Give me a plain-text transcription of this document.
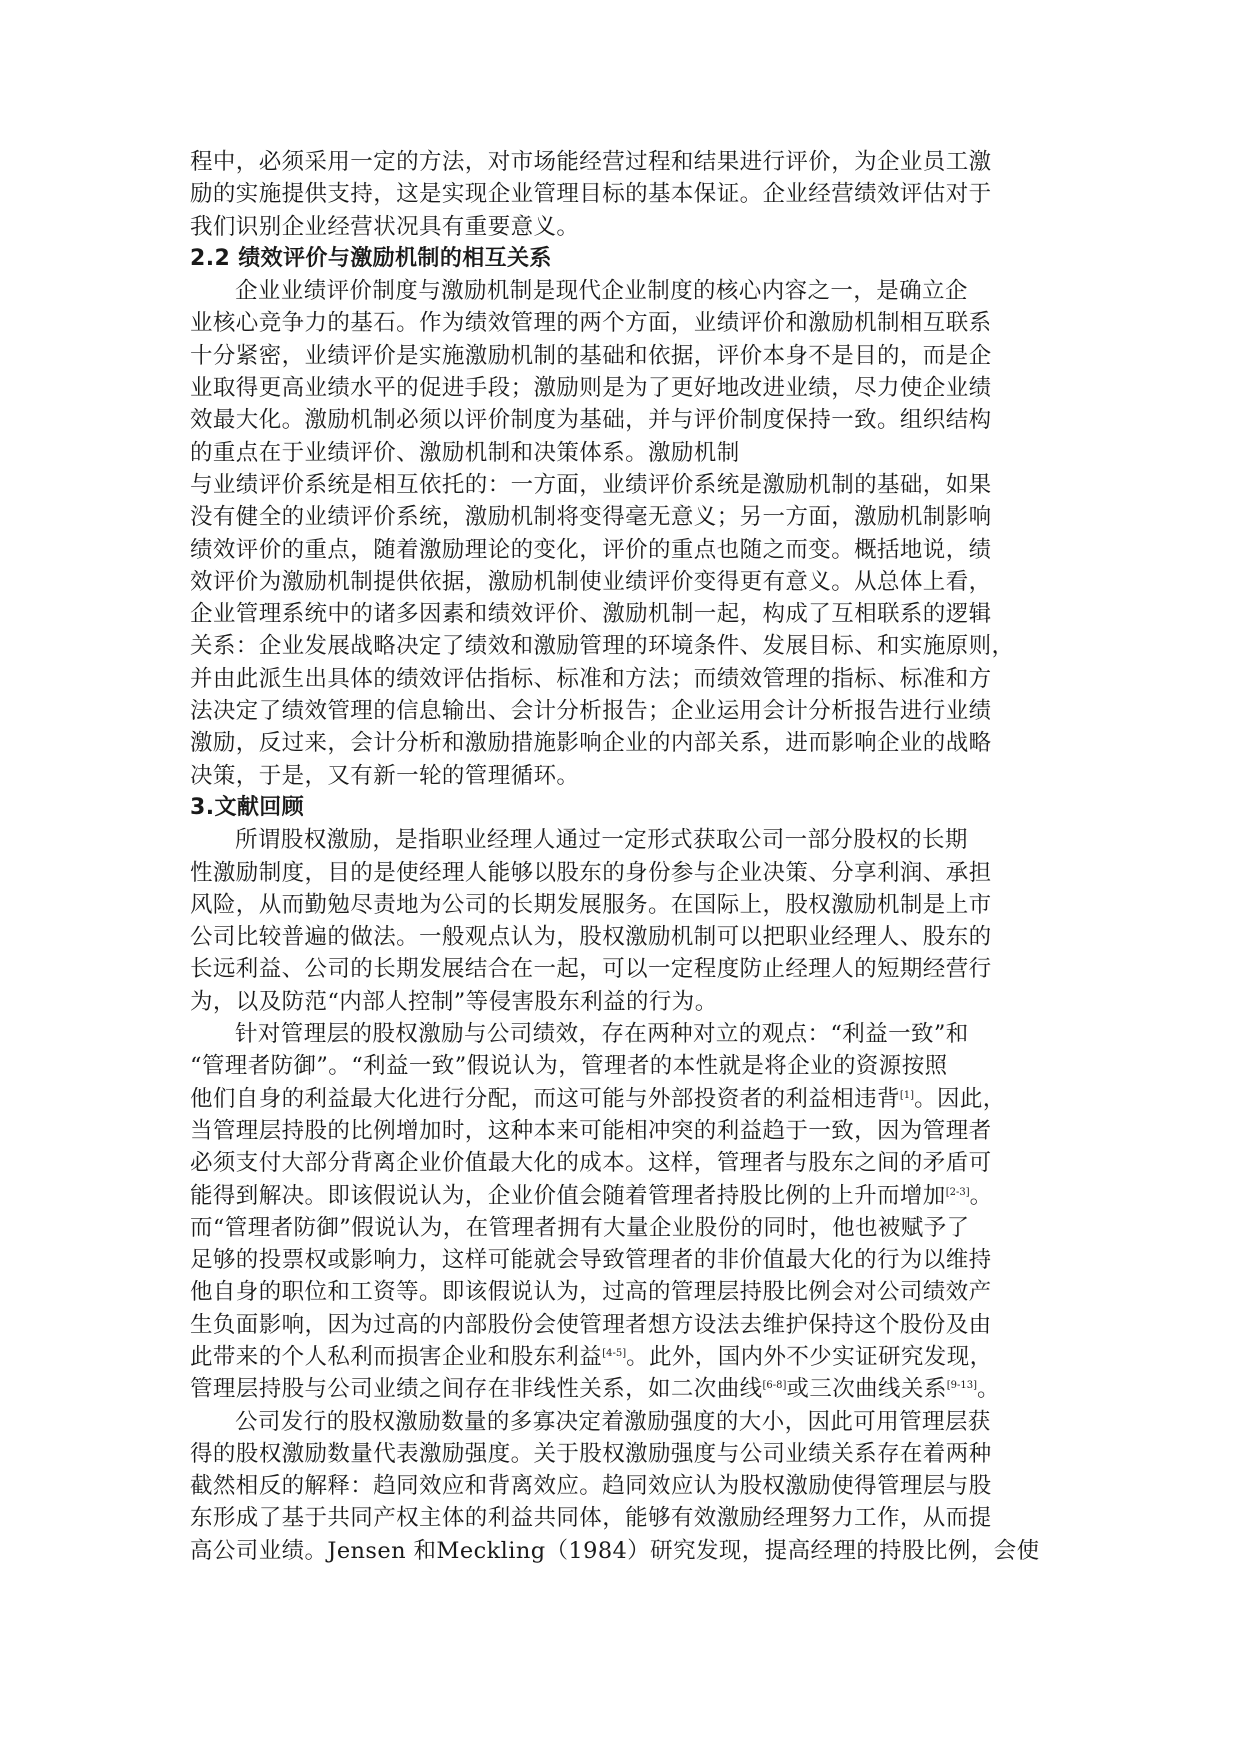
程中，必须采用一定的方法，对市场能经营过程和结果进行评价，为企业员工激
励的实施提供支持，这是实现企业管理目标的基本保证。企业经营绩效评估对于
我们识别企业经营状况具有重要意义。
2.2 绩效评价与激励机制的相互关系
企业业绩评价制度与激励机制是现代企业制度的核心内容之一，是确立企
业核心竞争力的基石。作为绩效管理的两个方面，业绩评价和激励机制相互联系
十分紧密，业绩评价是实施激励机制的基础和依据，评价本身不是目的，而是企
业取得更高业绩水平的促进手段；激励则是为了更好地改进业绩，尽力使企业绩
效最大化。激励机制必须以评价制度为基础，并与评价制度保持一致。组织结构
的重点在于业绩评价、激励机制和决策体系。激励机制
与业绩评价系统是相互依托的：一方面，业绩评价系统是激励机制的基础，如果
没有健全的业绩评价系统，激励机制将变得毫无意义；另一方面，激励机制影响
绩效评价的重点，随着激励理论的变化，评价的重点也随之而变。概括地说，绩
效评价为激励机制提供依据，激励机制使业绩评价变得更有意义。从总体上看，
企业管理系统中的诸多因素和绩效评价、激励机制一起，构成了互相联系的逻辑
关系：企业发展战略决定了绩效和激励管理的环境条件、发展目标、和实施原则，
并由此派生出具体的绩效评估指标、标准和方法；而绩效管理的指标、标准和方
法决定了绩效管理的信息输出、会计分析报告；企业运用会计分析报告进行业绩
激励，反过来，会计分析和激励措施影响企业的内部关系，进而影响企业的战略
决策，于是，又有新一轮的管理循环。
3.文献回顾
所谓股权激励，是指职业经理人通过一定形式获取公司一部分股权的长期
性激励制度，目的是使经理人能够以股东的身份参与企业决策、分享利润、承担
风险，从而勤勉尽责地为公司的长期发展服务。在国际上，股权激励机制是上市
公司比较普遍的做法。一般观点认为，股权激励机制可以把职业经理人、股东的
长远利益、公司的长期发展结合在一起，可以一定程度防止经理人的短期经营行
为，以及防范“内部人控制”等侵害股东利益的行为。
针对管理层的股权激励与公司绩效，存在两种对立的观点：“利益一致”和
“管理者防御”。“利益一致”假说认为，管理者的本性就是将企业的资源按照
他们自身的利益最大化进行分配，而这可能与外部投资者的利益相违背[1]。因此，
当管理层持股的比例增加时，这种本来可能相冲突的利益趋于一致，因为管理者
必须支付大部分背离企业价值最大化的成本。这样，管理者与股东之间的矛盾可
能得到解决。即该假说认为，企业价值会随着管理者持股比例的上升而增加[2-3]。
而“管理者防御”假说认为，在管理者拥有大量企业股份的同时，他也被赋予了
足够的投票权或影响力，这样可能就会导致管理者的非价值最大化的行为以维持
他自身的职位和工资等。即该假说认为，过高的管理层持股比例会对公司绩效产
生负面影响，因为过高的内部股份会使管理者想方设法去维护保持这个股份及由
此带来的个人私利而损害企业和股东利益[4-5]。此外，国内外不少实证研究发现，
管理层持股与公司业绩之间存在非线性关系，如二次曲线[6-8]或三次曲线关系[9-13]。
公司发行的股权激励数量的多寡决定着激励强度的大小，因此可用管理层获
得的股权激励数量代表激励强度。关于股权激励强度与公司业绩关系存在着两种
截然相反的解释：趋同效应和背离效应。趋同效应认为股权激励使得管理层与股
东形成了基于共同产权主体的利益共同体，能够有效激励经理努力工作，从而提
高公司业绩。Jensen 和Meckling（1984）研究发现，提高经理的持股比例，会使
